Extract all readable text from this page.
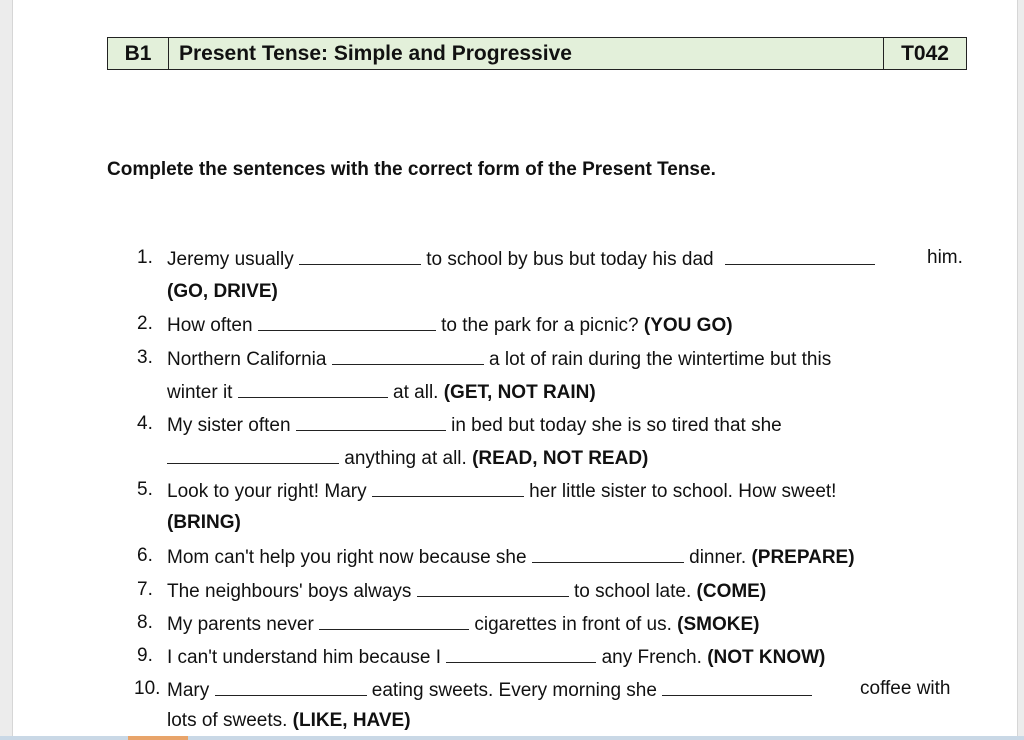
B1	Present Tense: Simple and Progressive	T042
Complete the sentences with the correct form of the Present Tense.
1. Jeremy usually	to school by bus but today his dad	him.
(GO, DRIVE)
2. How often	to the park for a picnic? (YOU GO)
3. Northern California	a lot of rain during the wintertime but this
winter it	at all. (GET, NOT RAIN)
4. My sister often	in bed but today she is so tired that she
anything at all. (READ, NOT READ)
5. Look to your right! Mary	her little sister to school. How sweet!
(BRING)
6. Mom can't help you right now because she	dinner. (PREPARE)
7. The neighbours' boys always	to school late. (COME)
8. My parents never	cigarettes in front of us. (SMOKE)
9. I can't understand him because I	any French. (NOT KNOW)
10. Mary	eating sweets. Every morning she	coffee with
lots of sweets. (LIKE, HAVE)
